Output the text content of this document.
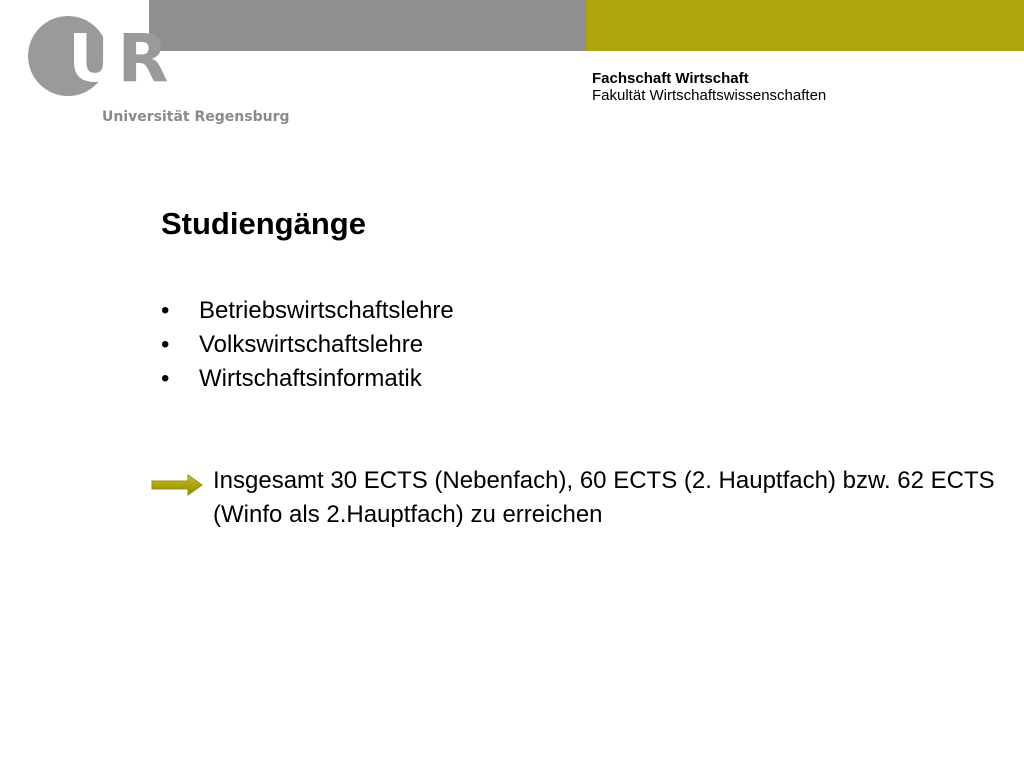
UR
Universität Regensburg
Fachschaft Wirtschaft
Fakultät Wirtschaftswissenschaften
Studiengänge
•	Betriebswirtschaftslehre
•	Volkswirtschaftslehre
•	Wirtschaftsinformatik

Insgesamt 30 ECTS (Nebenfach), 60 ECTS (2. Hauptfach) bzw. 62 ECTS (Winfo als 2.Hauptfach) zu erreichen
